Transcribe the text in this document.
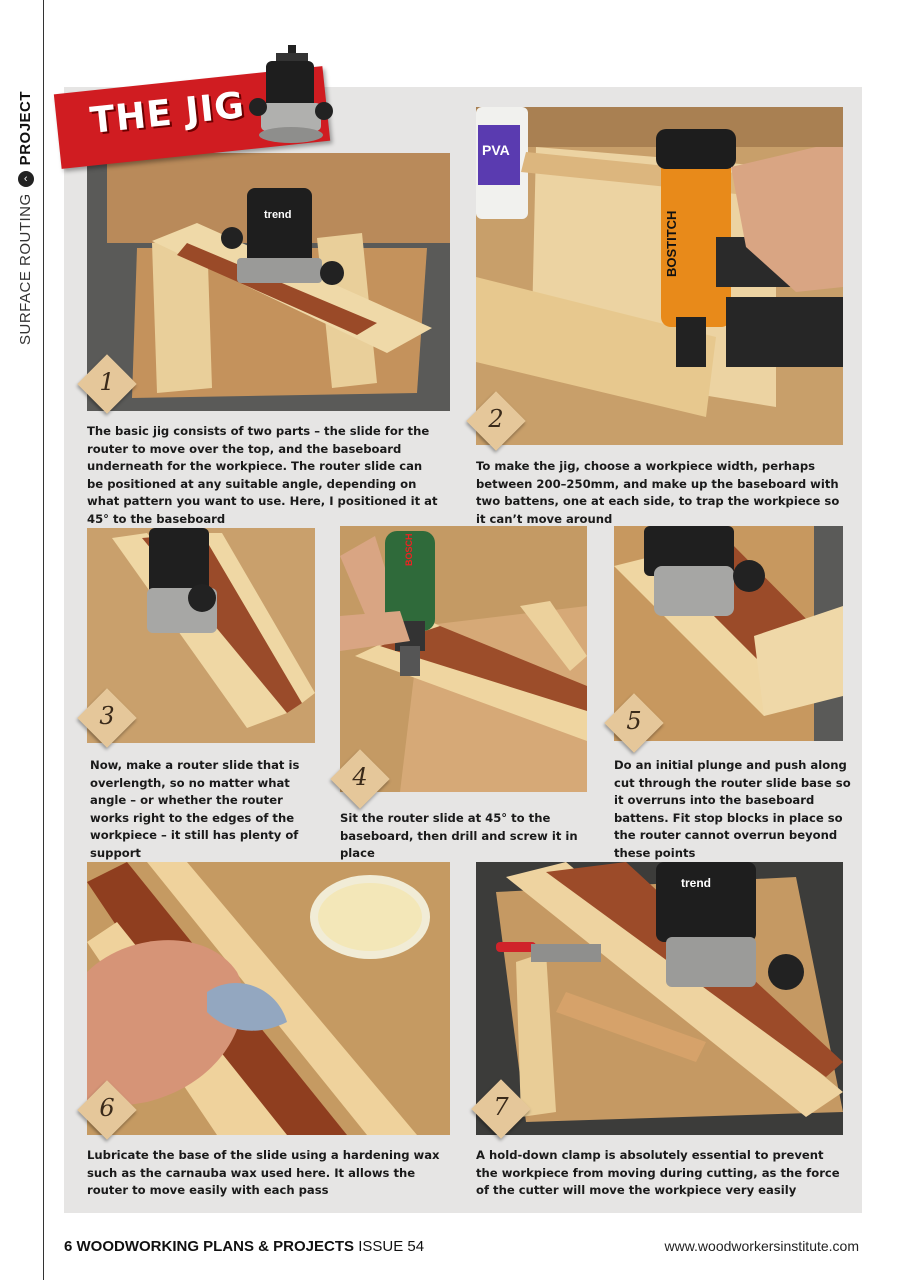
SURFACE ROUTING
‹
PROJECT
trend
1
The basic jig consists of two parts – the slide for the router to move over the top, and the baseboard underneath for the workpiece. The router slide can be positioned at any suitable angle, depending on what pattern you want to use. Here, I positioned it at 45° to the baseboard
PVA
BOSTITCH
2
To make the jig, choose a workpiece width, perhaps between 200–250mm, and make up the baseboard with two battens, one at each side, to trap the workpiece so it can’t move around
3
Now, make a router slide that is overlength, so no matter what angle – or whether the router works right to the edges of the workpiece – it still has plenty of support
BOSCH
4
Sit the router slide at 45° to the baseboard, then drill and screw it in place
5
Do an initial plunge and push along cut through the router slide base so it overruns into the baseboard battens. Fit stop blocks in place so the router cannot overrun beyond these points
6
Lubricate the base of the slide using a hardening wax such as the carnauba wax used here. It allows the router to move easily with each pass
trend
7
A hold-down clamp is absolutely essential to prevent the workpiece from moving during cutting, as the force of the cutter will move the workpiece very easily
THE JIG
6 WOODWORKING PLANS & PROJECTS ISSUE 54	www.woodworkersinstitute.com
